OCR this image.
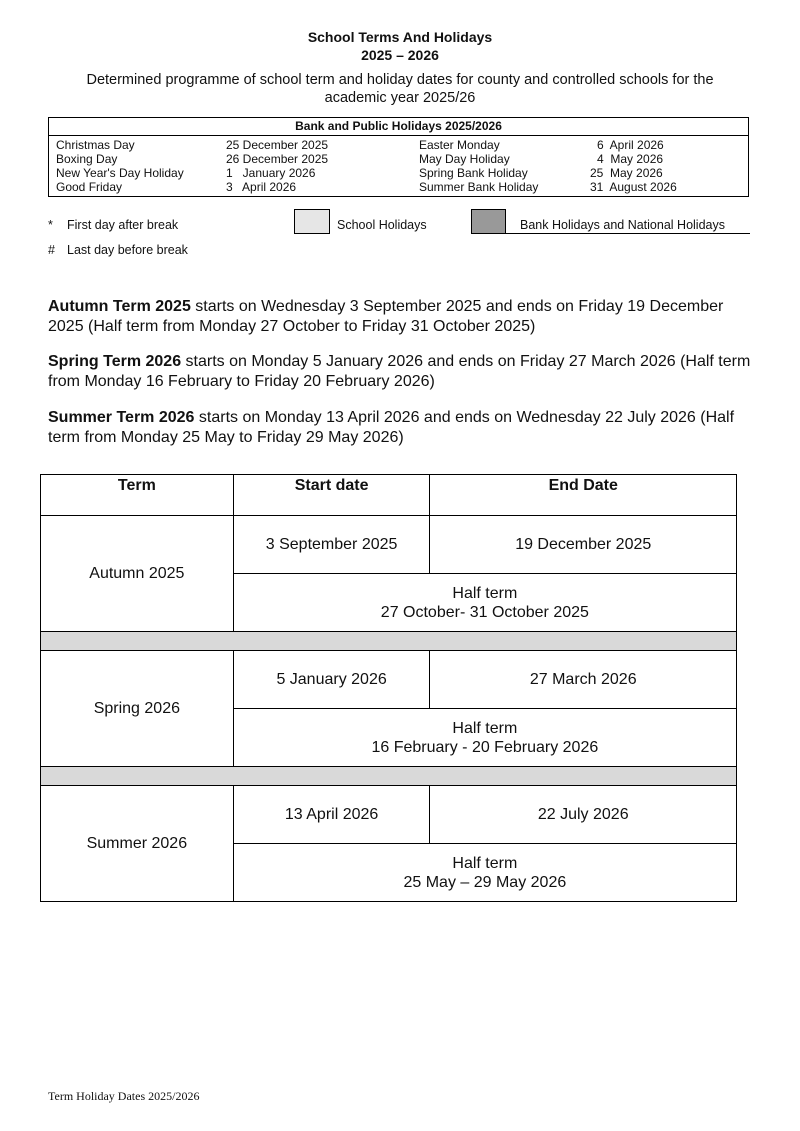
School Terms And Holidays
2025 – 2026
Determined programme of school term and holiday dates for county and controlled schools for the academic year 2025/26
Bank and Public Holidays 2025/2026
Christmas Day	25 December 2025
Boxing Day	26 December 2025
New Year's Day Holiday	1   January 2026
Good Friday	3   April 2026
Easter Monday	6  April 2026
May Day Holiday	4  May 2026
Spring Bank Holiday	25  May 2026
Summer Bank Holiday	31  August 2026
* First day after break
# Last day before break
School Holidays	Bank Holidays and National Holidays
Autumn Term 2025 starts on Wednesday 3 September 2025 and ends on Friday 19 December 2025 (Half term from Monday 27 October to Friday 31 October 2025)
Spring Term 2026 starts on Monday 5 January 2026 and ends on Friday 27 March 2026 (Half term from Monday 16 February to Friday 20 February 2026)
Summer Term 2026 starts on Monday 13 April 2026 and ends on Wednesday 22 July 2026 (Half term from Monday 25 May to Friday 29 May 2026)
Term	Start date	End Date
Autumn 2025	3 September 2025	19 December 2025

	Half term
27 October- 31 October 2025	

Spring 2026	5 January 2026	27 March 2026

	Half term
16 February - 20 February 2026	

Summer 2026	13 April 2026	22 July 2026

	Half term
25 May – 29 May 2026	
Term Holiday Dates 2025/2026
